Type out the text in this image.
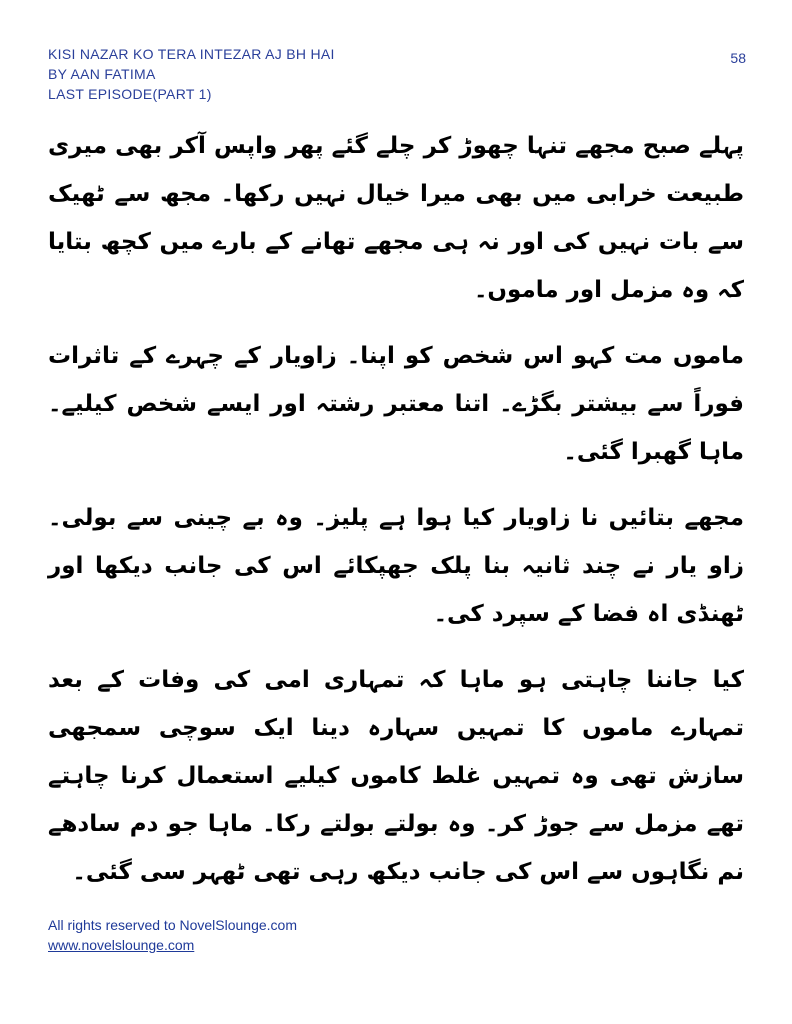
KISI NAZAR KO TERA INTEZAR AJ BH HAI
BY AAN FATIMA
LAST EPISODE(PART 1)
58

پہلے صبح مجھے تنہا چھوڑ کر چلے گئے پھر واپس آکر بھی میری طبیعت خرابی میں بھی میرا خیال نہیں رکھا۔ مجھ سے ٹھیک سے بات نہیں کی اور نہ ہی مجھے تھانے کے بارے میں کچھ بتایا کہ وہ مزمل اور ماموں۔

ماموں مت کہو اس شخص کو اپنا۔ زاویار کے چہرے کے تاثرات فوراً سے بیشتر بگڑے۔ اتنا معتبر رشتہ اور ایسے شخص کیلیے۔ ماہا گھبرا گئی۔

مجھے بتائیں نا زاویار کیا ہوا ہے پلیز۔ وہ بے چینی سے بولی۔ زاو یار نے چند ثانیہ بنا پلک جھپکائے اس کی جانب دیکھا اور ٹھنڈی اہ فضا کے سپرد کی۔

کیا جاننا چاہتی ہو ماہا کہ تمہاری امی کی وفات کے بعد تمہارے ماموں کا تمہیں سہارہ دینا ایک سوچی سمجھی سازش تھی وہ تمہیں غلط کاموں کیلیے استعمال کرنا چاہتے تھے مزمل سے جوڑ کر۔ وہ بولتے بولتے رکا۔ ماہا جو دم سادھے نم نگاہوں سے اس کی جانب دیکھ رہی تھی ٹھہر سی گئی۔

All rights reserved to NovelSlounge.com
www.novelslounge.com
